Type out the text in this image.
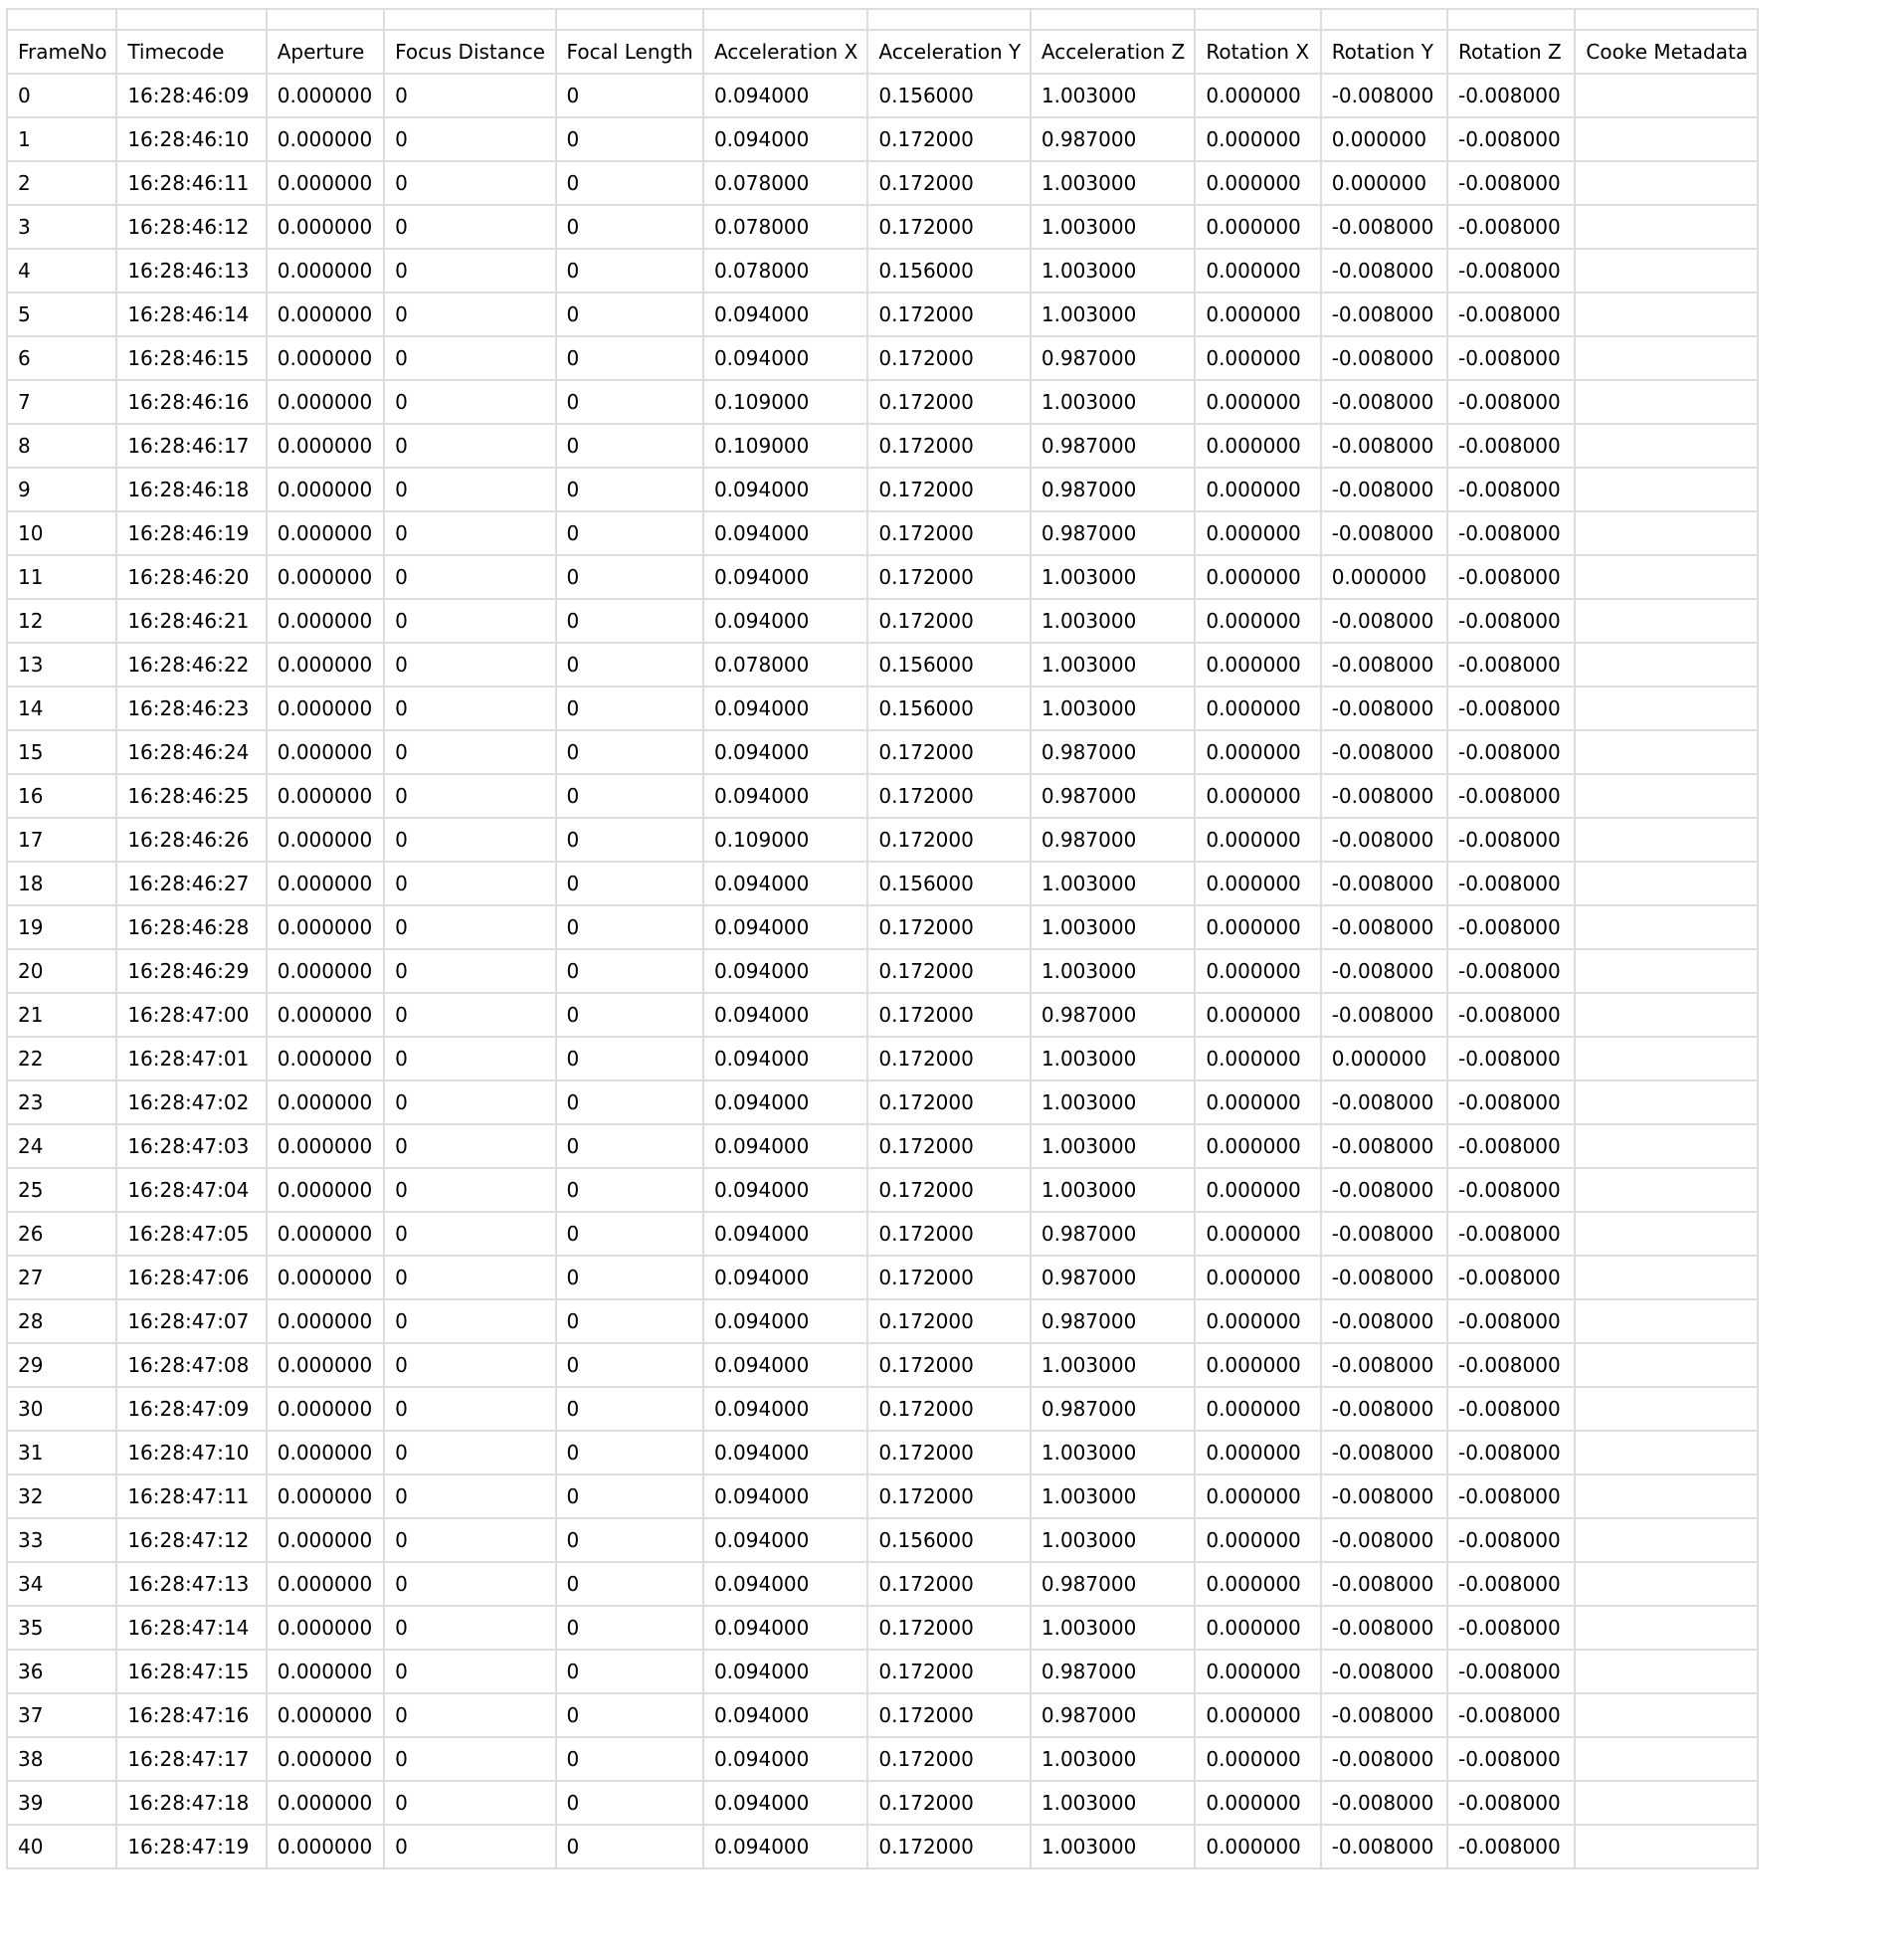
FrameNo	Timecode	Aperture	Focus Distance	Focal Length	Acceleration X	Acceleration Y	Acceleration Z	Rotation X	Rotation Y	Rotation Z	Cooke Metadata
0	16:28:46:09	0.000000	0	0	0.094000	0.156000	1.003000	0.000000	-0.008000	-0.008000	
1	16:28:46:10	0.000000	0	0	0.094000	0.172000	0.987000	0.000000	0.000000	-0.008000	
2	16:28:46:11	0.000000	0	0	0.078000	0.172000	1.003000	0.000000	0.000000	-0.008000	
3	16:28:46:12	0.000000	0	0	0.078000	0.172000	1.003000	0.000000	-0.008000	-0.008000	
4	16:28:46:13	0.000000	0	0	0.078000	0.156000	1.003000	0.000000	-0.008000	-0.008000	
5	16:28:46:14	0.000000	0	0	0.094000	0.172000	1.003000	0.000000	-0.008000	-0.008000	
6	16:28:46:15	0.000000	0	0	0.094000	0.172000	0.987000	0.000000	-0.008000	-0.008000	
7	16:28:46:16	0.000000	0	0	0.109000	0.172000	1.003000	0.000000	-0.008000	-0.008000	
8	16:28:46:17	0.000000	0	0	0.109000	0.172000	0.987000	0.000000	-0.008000	-0.008000	
9	16:28:46:18	0.000000	0	0	0.094000	0.172000	0.987000	0.000000	-0.008000	-0.008000	
10	16:28:46:19	0.000000	0	0	0.094000	0.172000	0.987000	0.000000	-0.008000	-0.008000	
11	16:28:46:20	0.000000	0	0	0.094000	0.172000	1.003000	0.000000	0.000000	-0.008000	
12	16:28:46:21	0.000000	0	0	0.094000	0.172000	1.003000	0.000000	-0.008000	-0.008000	
13	16:28:46:22	0.000000	0	0	0.078000	0.156000	1.003000	0.000000	-0.008000	-0.008000	
14	16:28:46:23	0.000000	0	0	0.094000	0.156000	1.003000	0.000000	-0.008000	-0.008000	
15	16:28:46:24	0.000000	0	0	0.094000	0.172000	0.987000	0.000000	-0.008000	-0.008000	
16	16:28:46:25	0.000000	0	0	0.094000	0.172000	0.987000	0.000000	-0.008000	-0.008000	
17	16:28:46:26	0.000000	0	0	0.109000	0.172000	0.987000	0.000000	-0.008000	-0.008000	
18	16:28:46:27	0.000000	0	0	0.094000	0.156000	1.003000	0.000000	-0.008000	-0.008000	
19	16:28:46:28	0.000000	0	0	0.094000	0.172000	1.003000	0.000000	-0.008000	-0.008000	
20	16:28:46:29	0.000000	0	0	0.094000	0.172000	1.003000	0.000000	-0.008000	-0.008000	
21	16:28:47:00	0.000000	0	0	0.094000	0.172000	0.987000	0.000000	-0.008000	-0.008000	
22	16:28:47:01	0.000000	0	0	0.094000	0.172000	1.003000	0.000000	0.000000	-0.008000	
23	16:28:47:02	0.000000	0	0	0.094000	0.172000	1.003000	0.000000	-0.008000	-0.008000	
24	16:28:47:03	0.000000	0	0	0.094000	0.172000	1.003000	0.000000	-0.008000	-0.008000	
25	16:28:47:04	0.000000	0	0	0.094000	0.172000	1.003000	0.000000	-0.008000	-0.008000	
26	16:28:47:05	0.000000	0	0	0.094000	0.172000	0.987000	0.000000	-0.008000	-0.008000	
27	16:28:47:06	0.000000	0	0	0.094000	0.172000	0.987000	0.000000	-0.008000	-0.008000	
28	16:28:47:07	0.000000	0	0	0.094000	0.172000	0.987000	0.000000	-0.008000	-0.008000	
29	16:28:47:08	0.000000	0	0	0.094000	0.172000	1.003000	0.000000	-0.008000	-0.008000	
30	16:28:47:09	0.000000	0	0	0.094000	0.172000	0.987000	0.000000	-0.008000	-0.008000	
31	16:28:47:10	0.000000	0	0	0.094000	0.172000	1.003000	0.000000	-0.008000	-0.008000	
32	16:28:47:11	0.000000	0	0	0.094000	0.172000	1.003000	0.000000	-0.008000	-0.008000	
33	16:28:47:12	0.000000	0	0	0.094000	0.156000	1.003000	0.000000	-0.008000	-0.008000	
34	16:28:47:13	0.000000	0	0	0.094000	0.172000	0.987000	0.000000	-0.008000	-0.008000	
35	16:28:47:14	0.000000	0	0	0.094000	0.172000	1.003000	0.000000	-0.008000	-0.008000	
36	16:28:47:15	0.000000	0	0	0.094000	0.172000	0.987000	0.000000	-0.008000	-0.008000	
37	16:28:47:16	0.000000	0	0	0.094000	0.172000	0.987000	0.000000	-0.008000	-0.008000	
38	16:28:47:17	0.000000	0	0	0.094000	0.172000	1.003000	0.000000	-0.008000	-0.008000	
39	16:28:47:18	0.000000	0	0	0.094000	0.172000	1.003000	0.000000	-0.008000	-0.008000	
40	16:28:47:19	0.000000	0	0	0.094000	0.172000	1.003000	0.000000	-0.008000	-0.008000	
